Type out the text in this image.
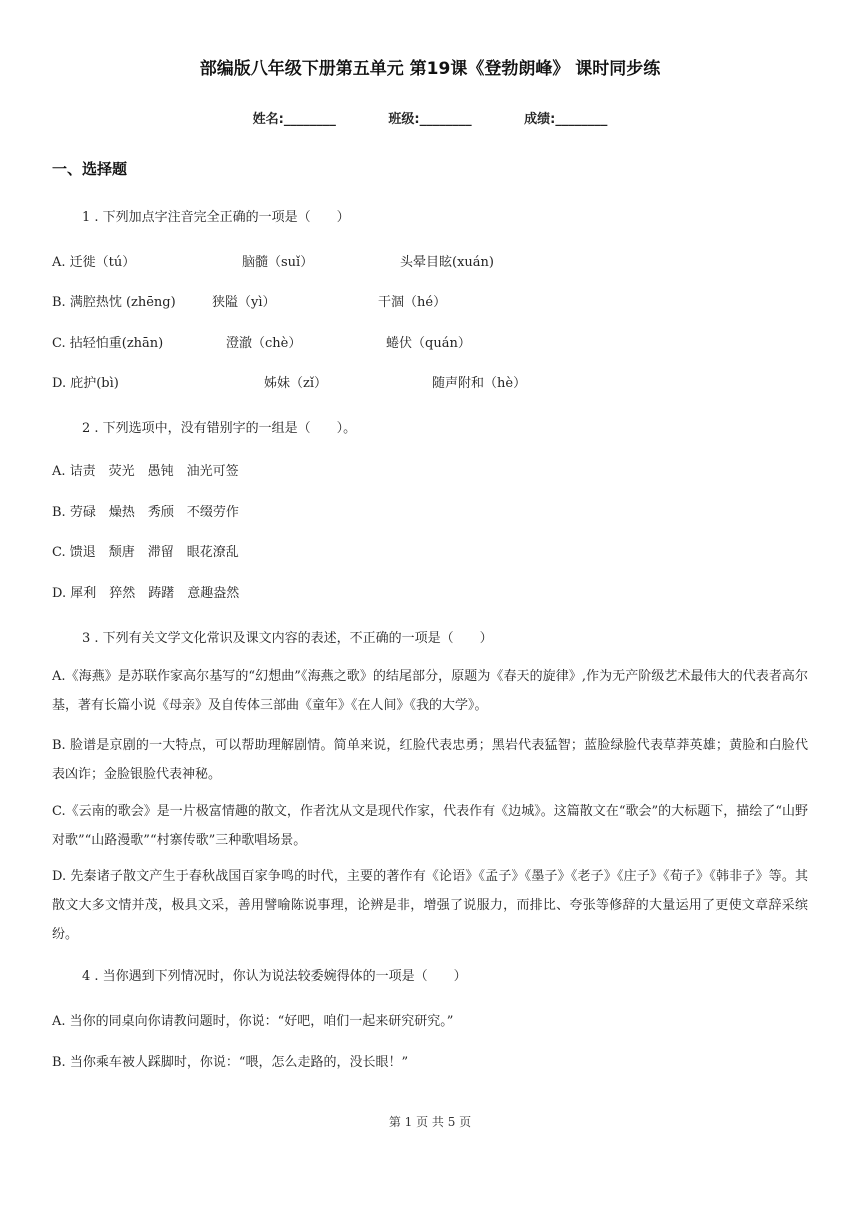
部编版八年级下册第五单元 第19课《登勃朗峰》 课时同步练
姓名:________	班级:________	成绩:________
一、选择题
1 . 下列加点字注音完全正确的一项是（　　）
A. 迁徙（tú）	脑髓（suǐ）	头晕目眩(xuán)
B. 满腔热忱 (zhēng)	狭隘（yì）	干涸（hé）
C. 拈轻怕重(zhān)	澄澈（chè）	蜷伏（quán）
D. 庇护(bì)	姊妹（zǐ）	随声附和（hè）
2 . 下列选项中，没有错别字的一组是（　　）。
A. 诘责　荧光　愚钝　油光可签
B. 劳碌　燥热　秀颀　不缀劳作
C. 馈退　颓唐　滞留　眼花潦乱
D. 犀利　猝然　踌躇　意趣盎然
3 . 下列有关文学文化常识及课文内容的表述，不正确的一项是（　　）
A.《海燕》是苏联作家高尔基写的“幻想曲”《海燕之歌》的结尾部分，原题为《春天的旋律》,作为无产阶级艺术最伟大的代表者高尔基，著有长篇小说《母亲》及自传体三部曲《童年》《在人间》《我的大学》。
B. 脸谱是京剧的一大特点，可以帮助理解剧情。简单来说，红脸代表忠勇；黑岩代表猛智；蓝脸绿脸代表草莽英雄；黄脸和白脸代表凶诈；金脸银脸代表神秘。
C.《云南的歌会》是一片极富情趣的散文，作者沈从文是现代作家，代表作有《边城》。这篇散文在“歌会”的大标题下，描绘了“山野对歌”“山路漫歌”“村寨传歌”三种歌唱场景。
D. 先秦诸子散文产生于春秋战国百家争鸣的时代，主要的著作有《论语》《孟子》《墨子》《老子》《庄子》《荀子》《韩非子》等。其散文大多文情并茂，极具文采，善用譬喻陈说事理，论辨是非，增强了说服力，而排比、夸张等修辞的大量运用了更使文章辞采缤纷。
4 . 当你遇到下列情况时，你认为说法较委婉得体的一项是（　　）
A. 当你的同桌向你请教问题时，你说：“好吧，咱们一起来研究研究。”
B. 当你乘车被人踩脚时，你说：“喂，怎么走路的，没长眼！”
第 1 页 共 5 页
